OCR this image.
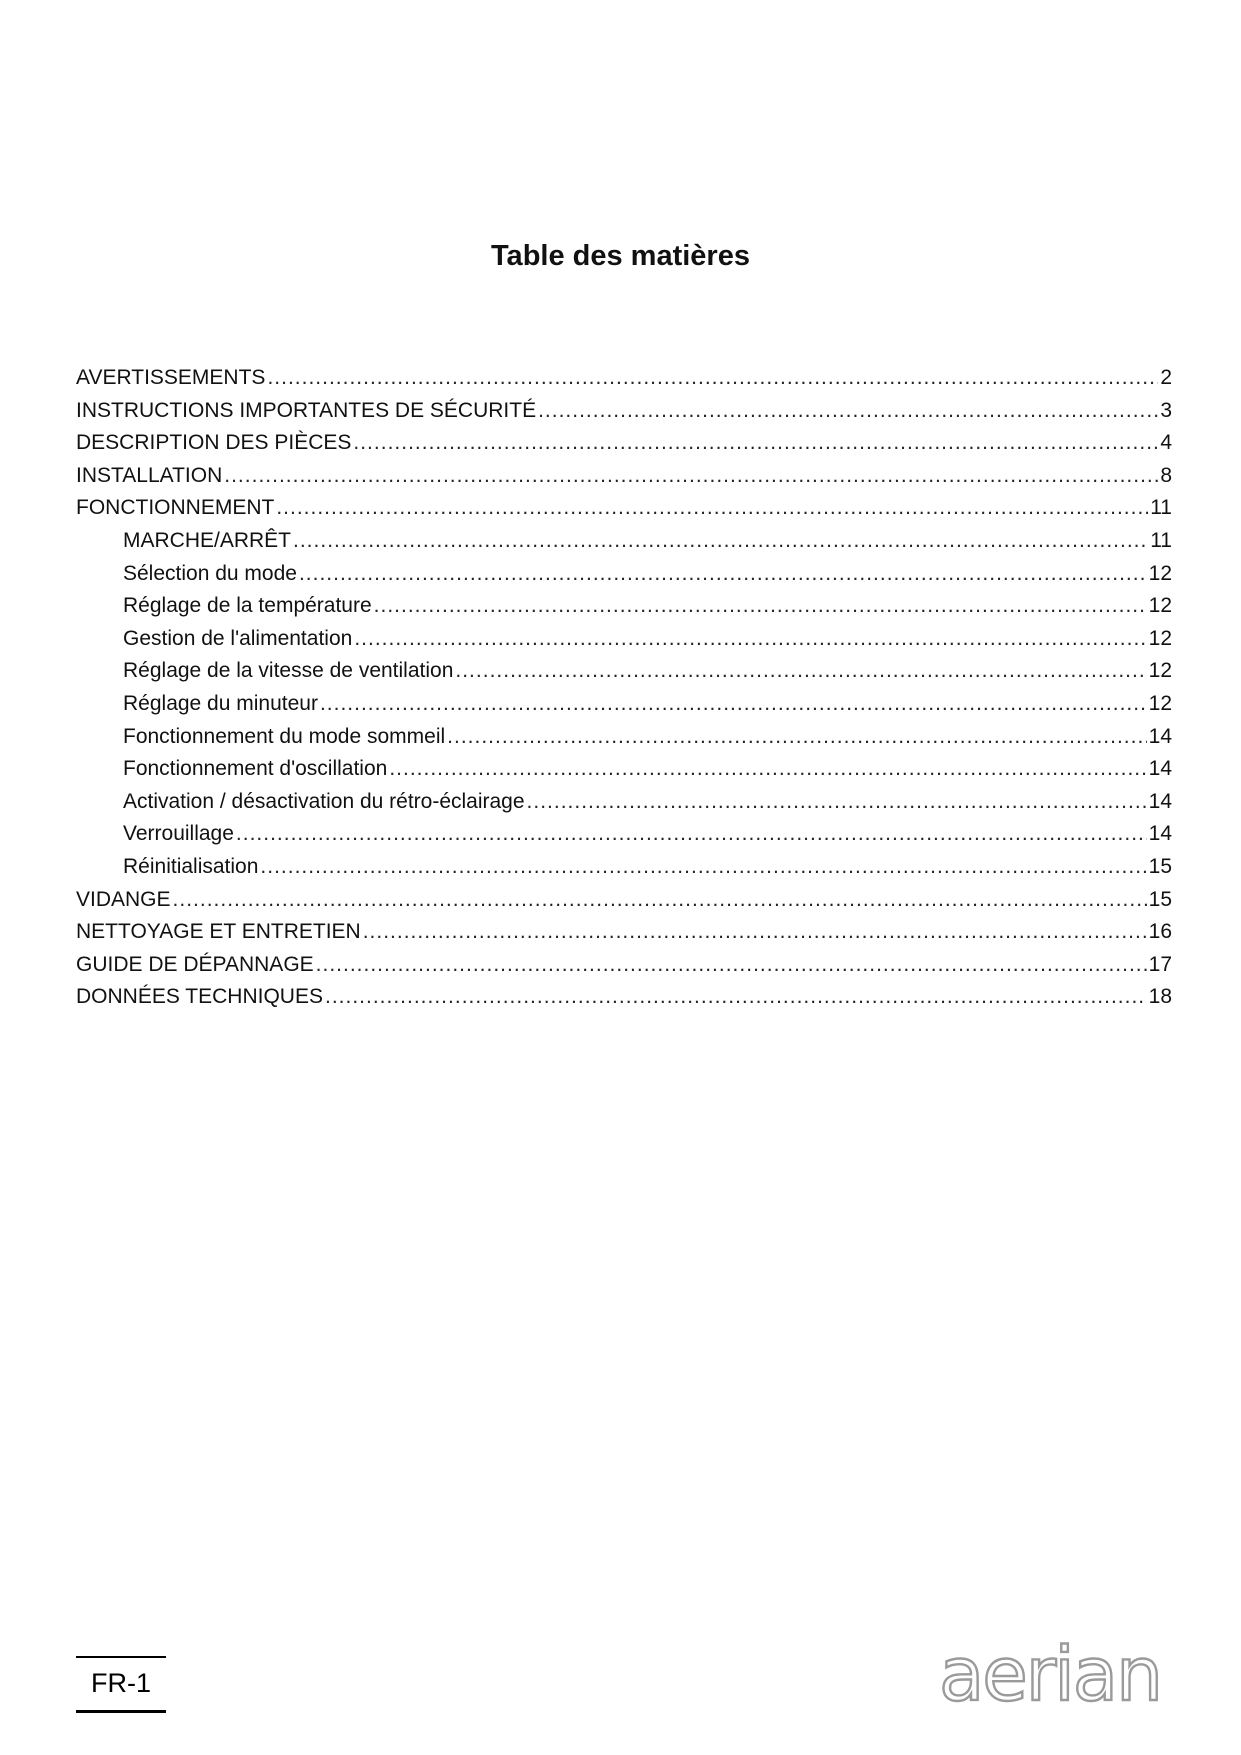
Table des matières
AVERTISSEMENTS .....	2
INSTRUCTIONS IMPORTANTES DE SÉCURITÉ .....	3
DESCRIPTION DES PIÈCES .....	4
INSTALLATION .....	8
FONCTIONNEMENT .....	11
MARCHE/ARRÊT .....	11
Sélection du mode .....	12
Réglage de la température .....	12
Gestion de l'alimentation .....	12
Réglage de la vitesse de ventilation .....	12
Réglage du minuteur .....	12
Fonctionnement du mode sommeil .....	14
Fonctionnement d'oscillation .....	14
Activation / désactivation du rétro-éclairage .....	14
Verrouillage .....	14
Réinitialisation .....	15
VIDANGE .....	15
NETTOYAGE ET ENTRETIEN .....	16
GUIDE DE DÉPANNAGE .....	17
DONNÉES TECHNIQUES .....	18
FR-1	aerian
